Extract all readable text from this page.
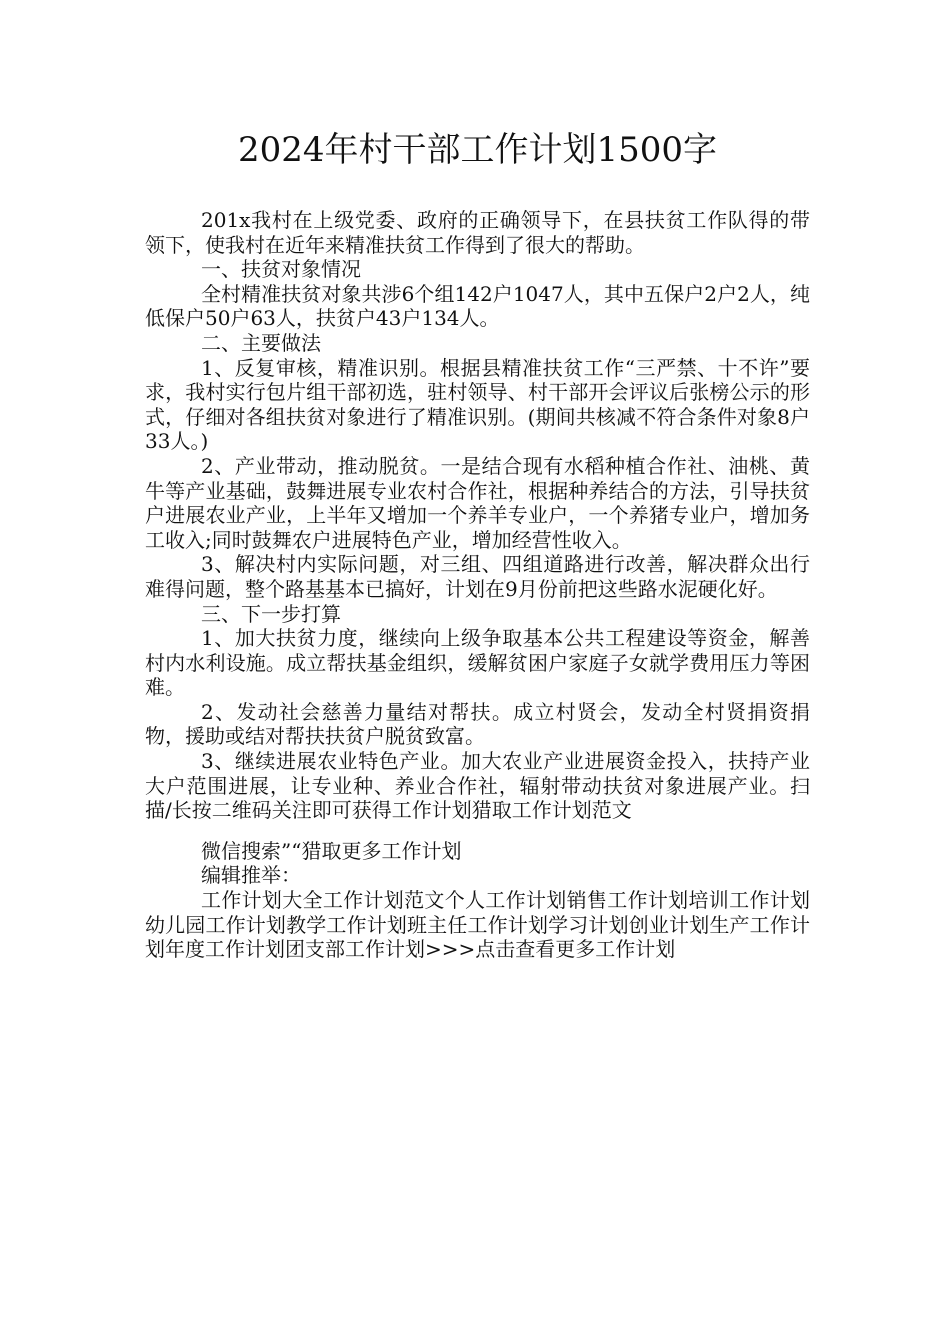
2024年村干部工作计划1500字

201x我村在上级党委、政府的正确领导下，在县扶贫工作队得的带领下，使我村在近年来精准扶贫工作得到了很大的帮助。

一、扶贫对象情况

全村精准扶贫对象共涉6个组142户1047人，其中五保户2户2人，纯低保户50户63人，扶贫户43户134人。

二、主要做法

1、反复审核，精准识别。根据县精准扶贫工作“三严禁、十不许”要求，我村实行包片组干部初选，驻村领导、村干部开会评议后张榜公示的形式，仔细对各组扶贫对象进行了精准识别。(期间共核减不符合条件对象8户33人。)

2、产业带动，推动脱贫。一是结合现有水稻种植合作社、油桃、黄牛等产业基础，鼓舞进展专业农村合作社，根据种养结合的方法，引导扶贫户进展农业产业，上半年又增加一个养羊专业户，一个养猪专业户，增加务工收入;同时鼓舞农户进展特色产业，增加经营性收入。

3、解决村内实际问题，对三组、四组道路进行改善，解决群众出行难得问题，整个路基基本已搞好，计划在9月份前把这些路水泥硬化好。

三、下一步打算

1、加大扶贫力度，继续向上级争取基本公共工程建设等资金，解善村内水利设施。成立帮扶基金组织，缓解贫困户家庭子女就学费用压力等困难。

2、发动社会慈善力量结对帮扶。成立村贤会，发动全村贤捐资捐物，援助或结对帮扶扶贫户脱贫致富。

3、继续进展农业特色产业。加大农业产业进展资金投入，扶持产业大户范围进展，让专业种、养业合作社，辐射带动扶贫对象进展产业。扫描/长按二维码关注即可获得工作计划猎取工作计划范文

微信搜索”“猎取更多工作计划

编辑推举：

工作计划大全工作计划范文个人工作计划销售工作计划培训工作计划幼儿园工作计划教学工作计划班主任工作计划学习计划创业计划生产工作计划年度工作计划团支部工作计划>>>点击查看更多工作计划
